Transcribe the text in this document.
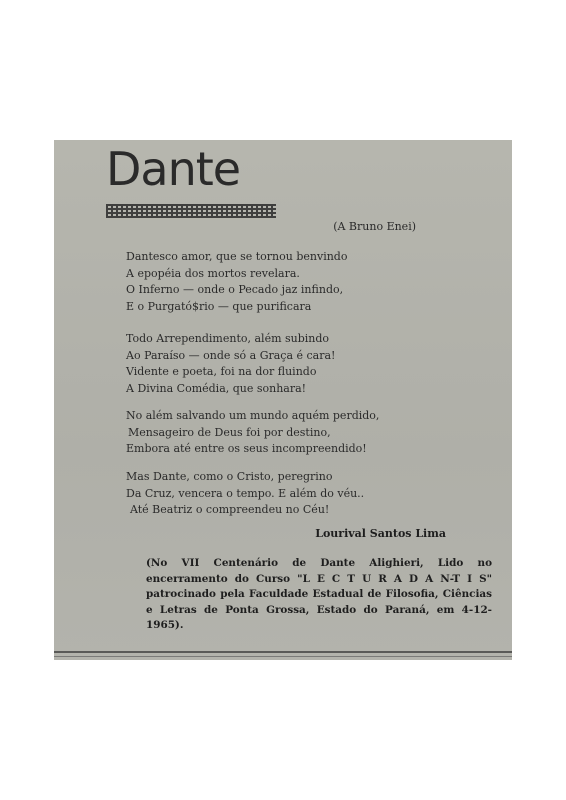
Dante
(A Bruno Enei)
Dantesco amor, que se tornou benvindo
A epopéia dos mortos revelara.
O Inferno — onde o Pecado jaz infindo,
E o Purgató$rio — que purificara
Todo Arrependimento, além subindo
Ao Paraíso — onde só a Graça é cara!
Vidente e poeta, foi na dor fluindo
A Divina Comédia, que sonhara!
No além salvando um mundo aquém perdido,
Mensageiro de Deus foi por destino,
Embora até entre os seus incompreendido!
Mas Dante, como o Cristo, peregrino
Da Cruz, vencera o tempo. E além do véu..
Até Beatriz o compreendeu no Céu!
Lourival Santos Lima
(No VII Centenário de Dante Alighieri, Lido no encerramento do Curso "L E C T U R A D A N-T I S" patrocinado pela Faculdade Estadual de Filosofia, Ciências e Letras de Ponta Grossa, Estado do Paraná, em 4-12-1965).
